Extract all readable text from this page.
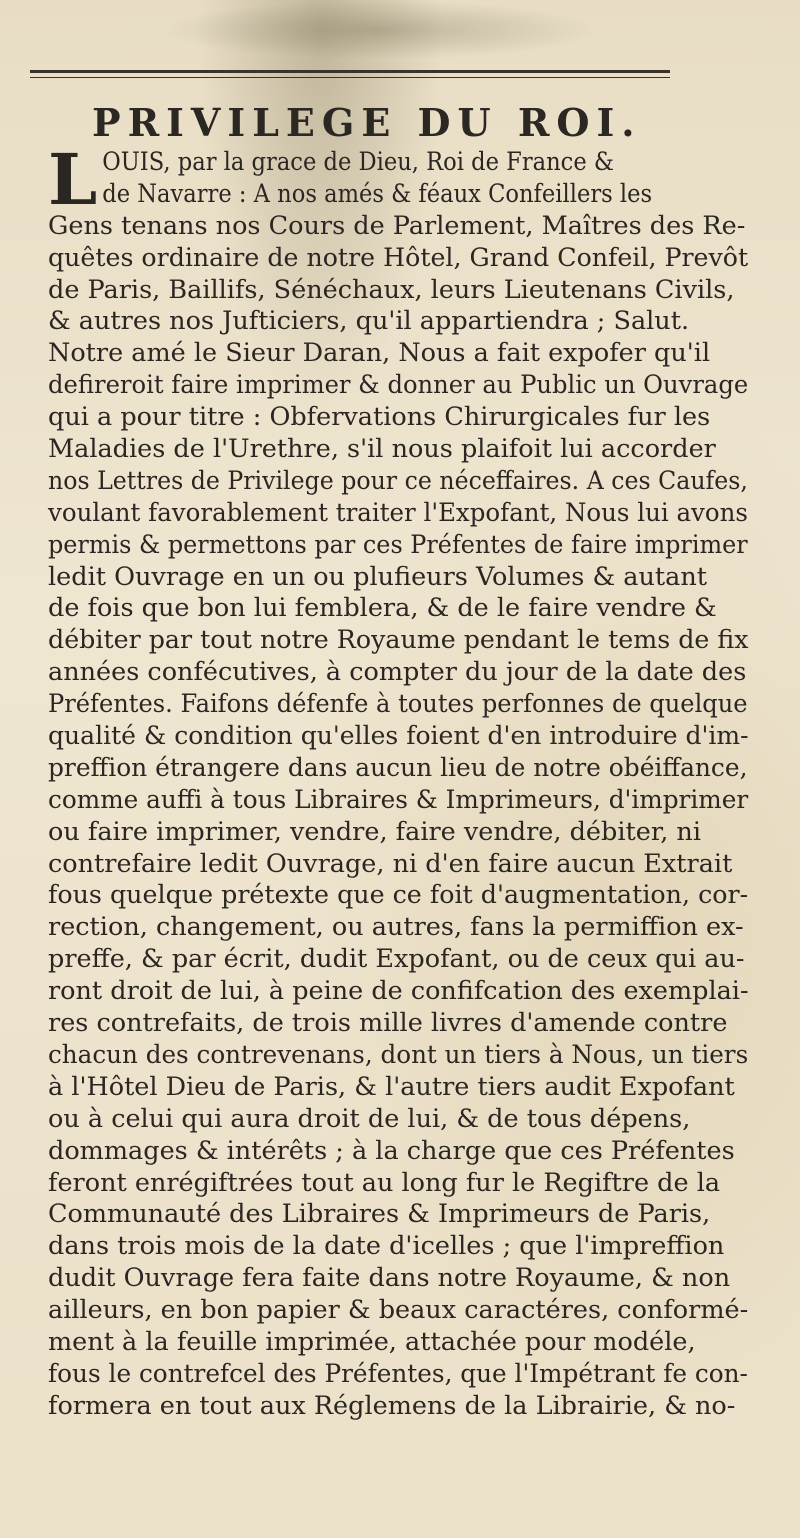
PRIVILEGE DU ROI.
L OUIS, par la grace de Dieu, Roi de France &
de Navarre : A nos amés & féaux Confeillers les
Gens tenans nos Cours de Parlement, Maîtres des Re-
quêtes ordinaire de notre Hôtel, Grand Confeil, Prevôt
de Paris, Baillifs, Sénéchaux, leurs Lieutenans Civils,
& autres nos Jufticiers, qu'il appartiendra ; Salut.
Notre amé le Sieur Daran, Nous a fait expofer qu'il
defireroit faire imprimer & donner au Public un Ouvrage
qui a pour titre : Obfervations Chirurgicales fur les
Maladies de l'Urethre, s'il nous plaifoit lui accorder
nos Lettres de Privilege pour ce néceffaires. A ces Caufes,
voulant favorablement traiter l'Expofant, Nous lui avons
permis & permettons par ces Préfentes de faire imprimer
ledit Ouvrage en un ou plufieurs Volumes & autant
de fois que bon lui femblera, & de le faire vendre &
débiter par tout notre Royaume pendant le tems de fix
années confécutives, à compter du jour de la date des
Préfentes. Faifons défenfe à toutes perfonnes de quelque
qualité & condition qu'elles foient d'en introduire d'im-
preffion étrangere dans aucun lieu de notre obéiffance,
comme auffi à tous Libraires & Imprimeurs, d'imprimer
ou faire imprimer, vendre, faire vendre, débiter, ni
contrefaire ledit Ouvrage, ni d'en faire aucun Extrait
fous quelque prétexte que ce foit d'augmentation, cor-
rection, changement, ou autres, fans la permiffion ex-
preffe, & par écrit, dudit Expofant, ou de ceux qui au-
ront droit de lui, à peine de confifcation des exemplai-
res contrefaits, de trois mille livres d'amende contre
chacun des contrevenans, dont un tiers à Nous, un tiers
à l'Hôtel Dieu de Paris, & l'autre tiers audit Expofant
ou à celui qui aura droit de lui, & de tous dépens,
dommages & intérêts ; à la charge que ces Préfentes
feront enrégiftrées tout au long fur le Regiftre de la
Communauté des Libraires & Imprimeurs de Paris,
dans trois mois de la date d'icelles ; que l'impreffion
dudit Ouvrage fera faite dans notre Royaume, & non
ailleurs, en bon papier & beaux caractéres, conformé-
ment à la feuille imprimée, attachée pour modéle,
fous le contrefcel des Préfentes, que l'Impétrant fe con-
formera en tout aux Réglemens de la Librairie, & no-
